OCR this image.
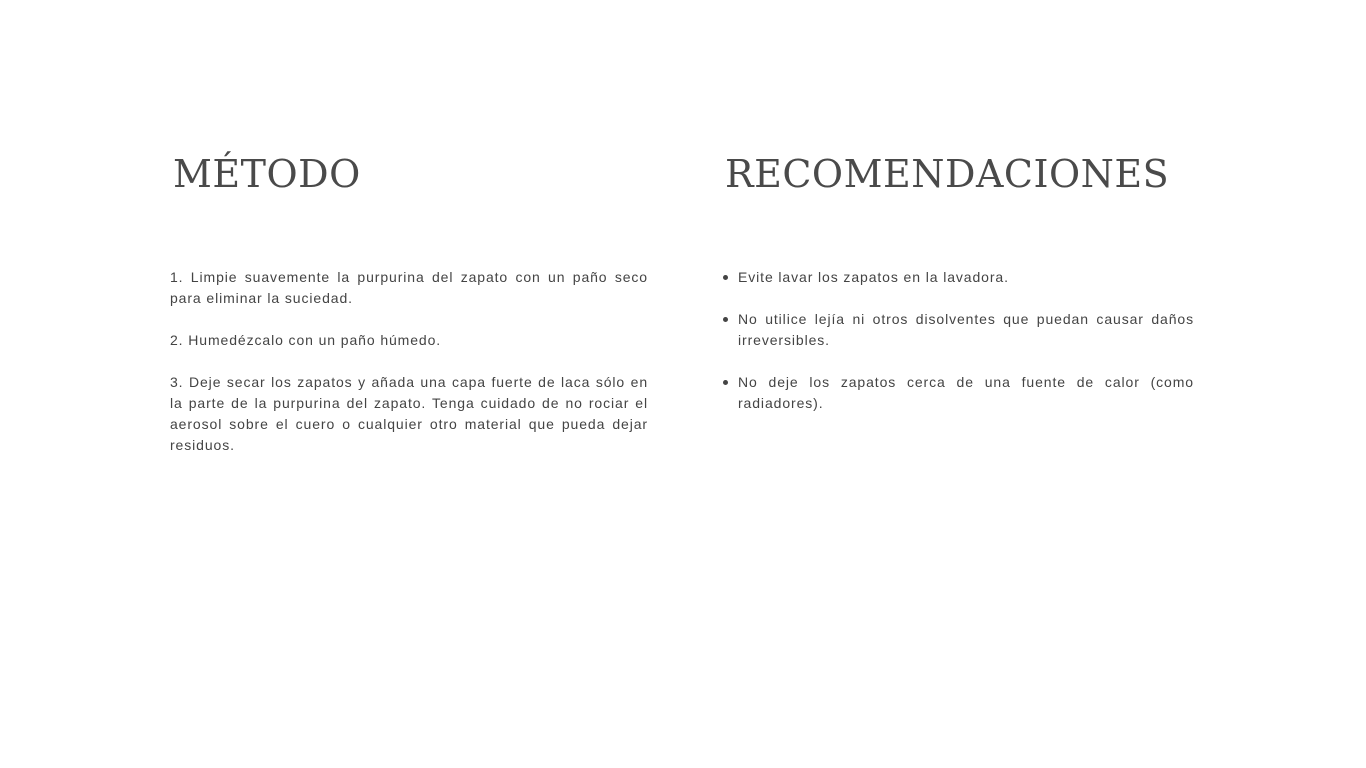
MÉTODO

1. Limpie suavemente la purpurina del zapato con un paño seco para eliminar la suciedad.

2. Humedézcalo con un paño húmedo.

3. Deje secar los zapatos y añada una capa fuerte de laca sólo en la parte de la purpurina del zapato. Tenga cuidado de no rociar el aerosol sobre el cuero o cualquier otro material que pueda dejar residuos.

RECOMENDACIONES
Evite lavar los zapatos en la lavadora.
No utilice lejía ni otros disolventes que puedan causar daños irreversibles.
No deje los zapatos cerca de una fuente de calor (como radiadores).
